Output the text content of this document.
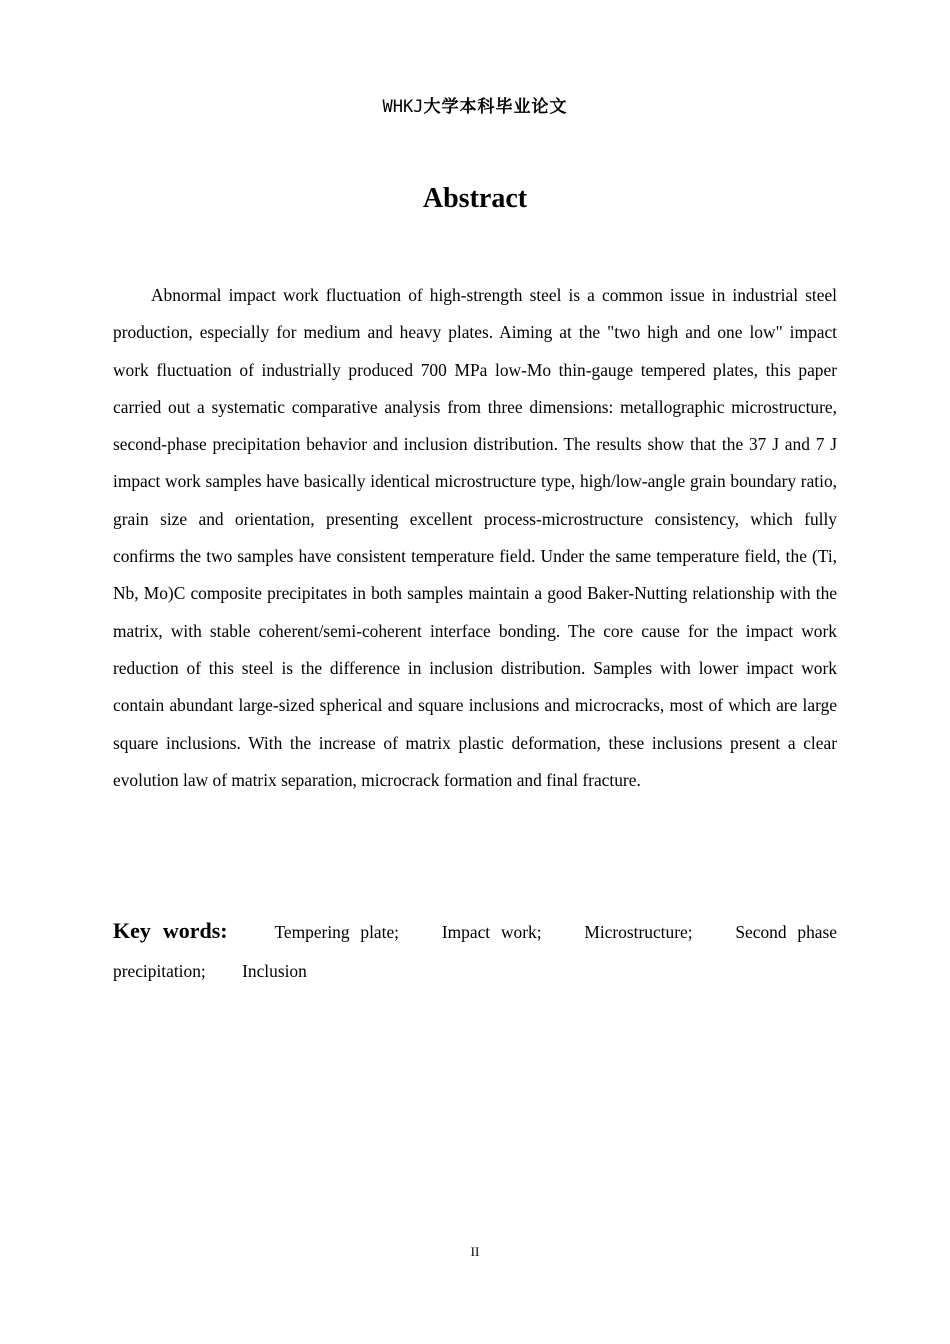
WHKJ大学本科毕业论文
Abstract

Abnormal impact work fluctuation of high-strength steel is a common issue in industrial steel production, especially for medium and heavy plates. Aiming at the "two high and one low" impact work fluctuation of industrially produced 700 MPa low-Mo thin-gauge tempered plates, this paper carried out a systematic comparative analysis from three dimensions: metallographic microstructure, second-phase precipitation behavior and inclusion distribution. The results show that the 37 J and 7 J impact work samples have basically identical microstructure type, high/low-angle grain boundary ratio, grain size and orientation, presenting excellent process-microstructure consistency, which fully confirms the two samples have consistent temperature field. Under the same temperature field, the (Ti, Nb, Mo)C composite precipitates in both samples maintain a good Baker-Nutting relationship with the matrix, with stable coherent/semi-coherent interface bonding. The core cause for the impact work reduction of this steel is the difference in inclusion distribution. Samples with lower impact work contain abundant large-sized spherical and square inclusions and microcracks, most of which are large square inclusions. With the increase of matrix plastic deformation, these inclusions present a clear evolution law of matrix separation, microcrack formation and final fracture.

Key words:	Tempering plate; Impact work; Microstructure; Second phase precipitation; Inclusion

II
